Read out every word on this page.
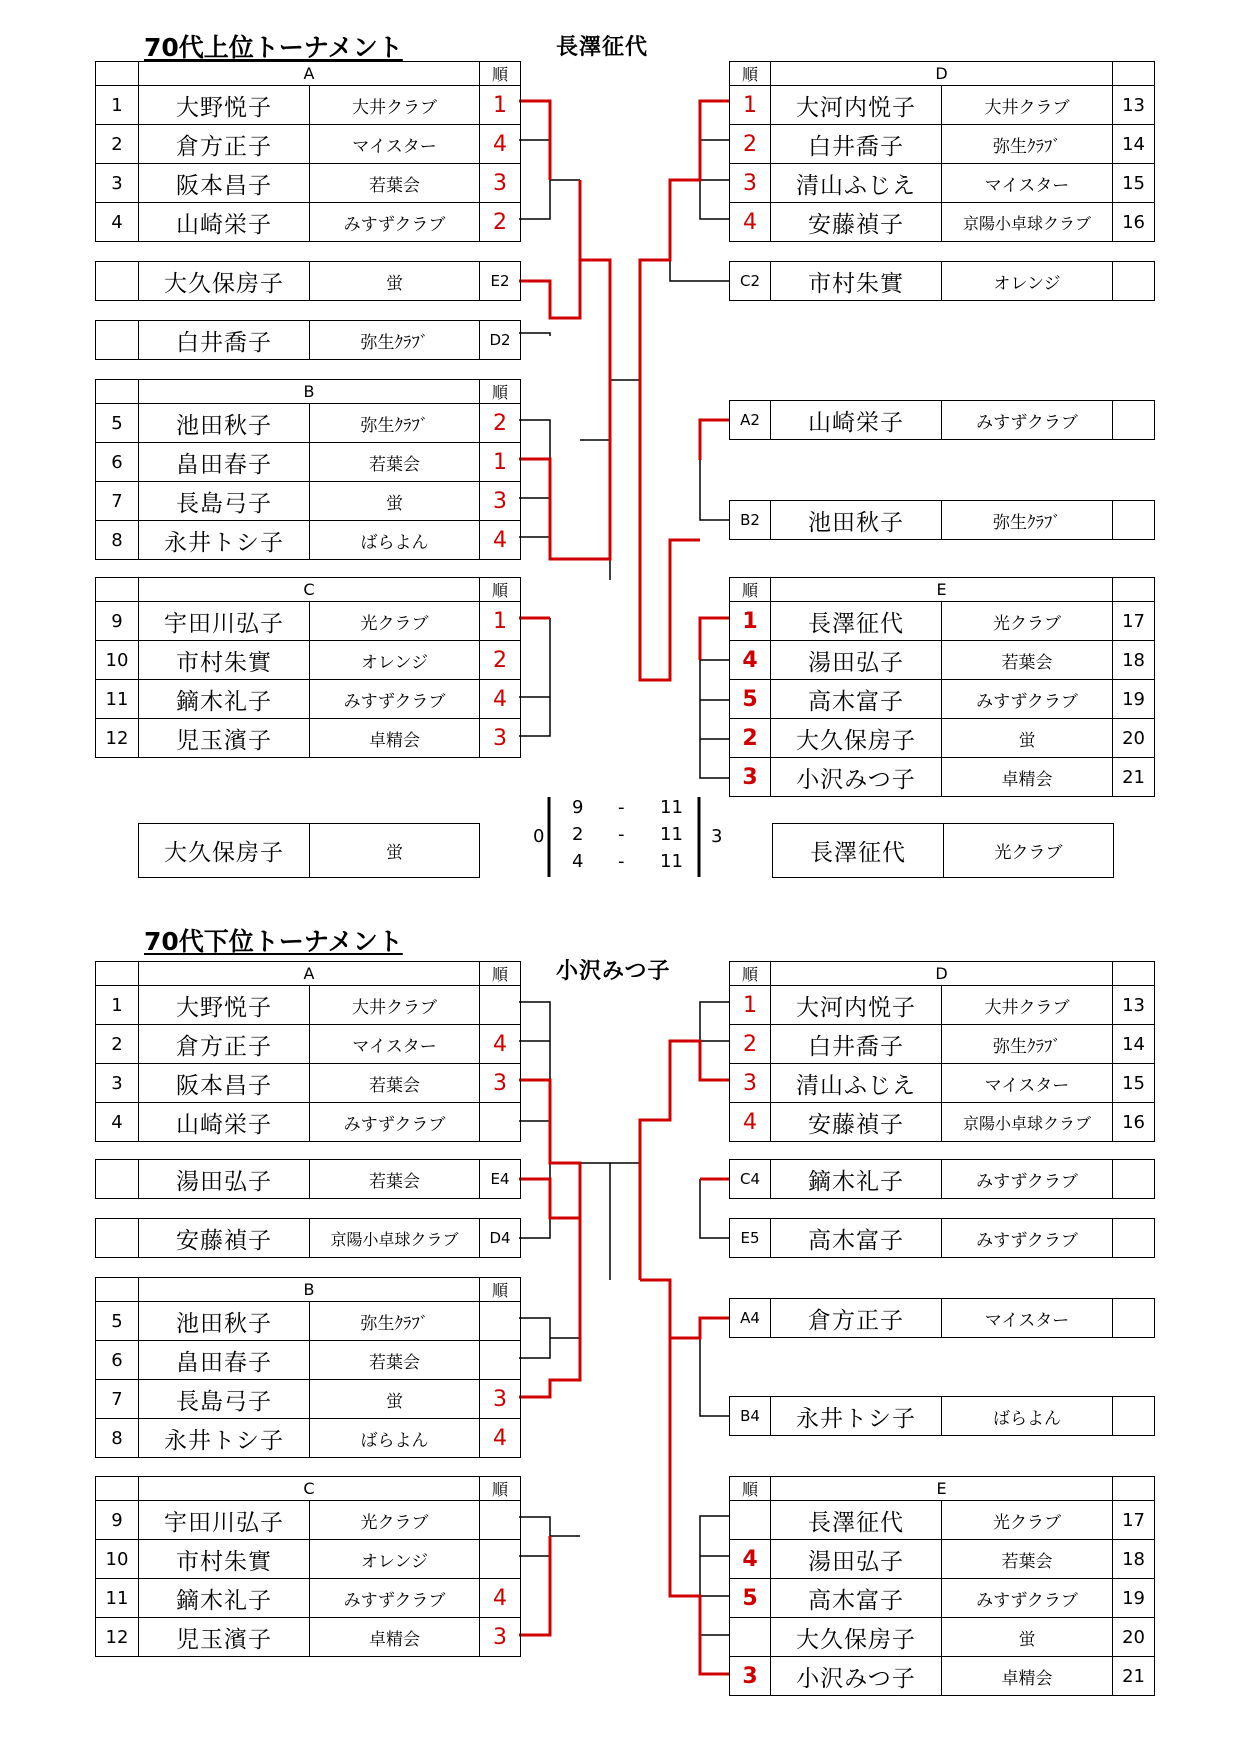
70代上位トーナメント	長澤征代
	A		順
1	大野悦子	大井クラブ	1
2	倉方正子	マイスター	4
3	阪本昌子	若葉会	3
4	山崎栄子	みすずクラブ	2
	大久保房子	蛍	E2
	白井喬子	弥生ｸﾗﾌﾞ	D2
	B		順
5	池田秋子	弥生ｸﾗﾌﾞ	2
6	畠田春子	若葉会	1
7	長島弓子	蛍	3
8	永井トシ子	ばらよん	4
	C		順
9	宇田川弘子	光クラブ	1
10	市村朱實	オレンジ	2
11	鏑木礼子	みすずクラブ	4
12	児玉濱子	卓精会	3
順	D		
1	大河内悦子	大井クラブ	13
2	白井喬子	弥生ｸﾗﾌﾞ	14
3	清山ふじえ	マイスター	15
4	安藤禎子	京陽小卓球クラブ	16
C2	市村朱實	オレンジ	
A2	山崎栄子	みすずクラブ	
B2	池田秋子	弥生ｸﾗﾌﾞ	
順	E		
1	長澤征代	光クラブ	17
4	湯田弘子	若葉会	18
5	高木富子	みすずクラブ	19
2	大久保房子	蛍	20
3	小沢みつ子	卓精会	21
大久保房子	蛍	長澤征代	光クラブ
0	3
9 - 11
2 - 11
4 - 11
70代下位トーナメント
小沢みつ子
	A		順
1	大野悦子	大井クラブ	
2	倉方正子	マイスター	4
3	阪本昌子	若葉会	3
4	山崎栄子	みすずクラブ	
	湯田弘子	若葉会	E4
	安藤禎子	京陽小卓球クラブ	D4
	B		順
5	池田秋子	弥生ｸﾗﾌﾞ	
6	畠田春子	若葉会	
7	長島弓子	蛍	3
8	永井トシ子	ばらよん	4
	C		順
9	宇田川弘子	光クラブ	
10	市村朱實	オレンジ	
11	鏑木礼子	みすずクラブ	4
12	児玉濱子	卓精会	3
順	D		
1	大河内悦子	大井クラブ	13
2	白井喬子	弥生ｸﾗﾌﾞ	14
3	清山ふじえ	マイスター	15
4	安藤禎子	京陽小卓球クラブ	16
C4	鏑木礼子	みすずクラブ	
E5	高木富子	みすずクラブ	
A4	倉方正子	マイスター	
B4	永井トシ子	ばらよん	
順	E		
	長澤征代	光クラブ	17
4	湯田弘子	若葉会	18
5	高木富子	みすずクラブ	19
	大久保房子	蛍	20
3	小沢みつ子	卓精会	21
